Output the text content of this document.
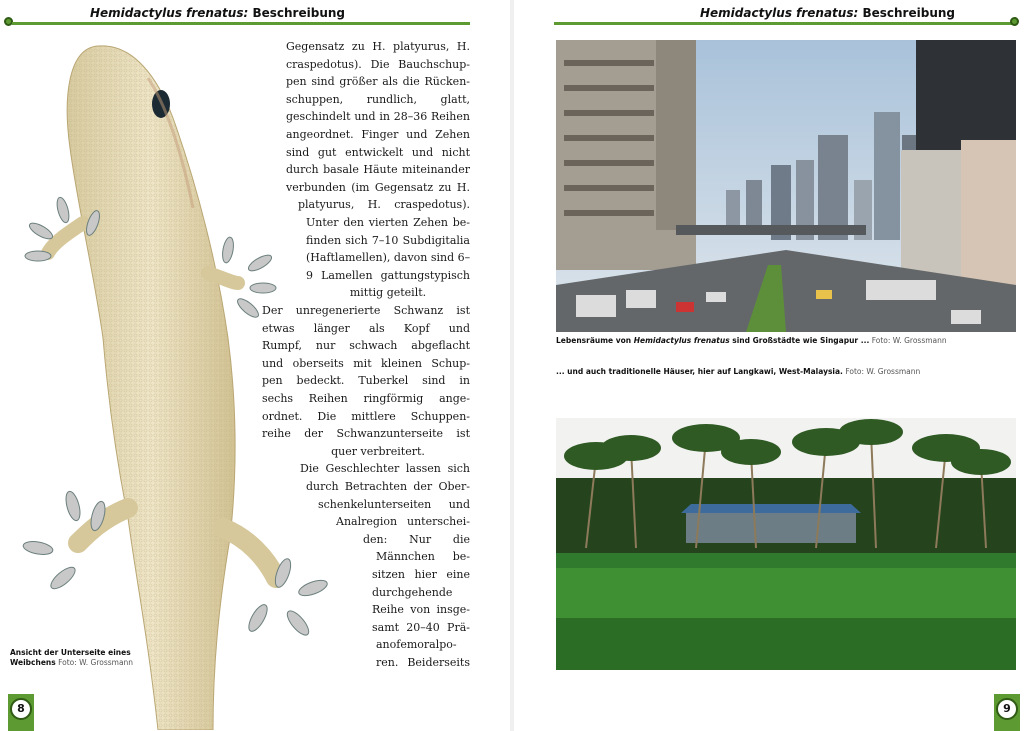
Hemidactylus frenatus: Beschreibung
Ansicht der Unterseite eines
Weibchens Foto: W. Grossmann
Gegensatz zu H. platyurus, H.
craspedotus). Die Bauchschup-
pen sind größer als die Rücken-
schuppen, rundlich, glatt,
geschindelt und in 28–36 Reihen
angeordnet. Finger und Zehen
sind gut entwickelt und nicht
durch basale Häute miteinander
verbunden (im Gegensatz zu H.
platyurus, H. craspedotus).
Unter den vierten Zehen be-
finden sich 7–10 Subdigitalia
(Haftlamellen), davon sind 6–
9 Lamellen gattungstypisch
mittig geteilt.
Der unregenerierte Schwanz ist
etwas länger als Kopf und
Rumpf, nur schwach abgeflacht
und oberseits mit kleinen Schup-
pen bedeckt. Tuberkel sind in
sechs Reihen ringförmig ange-
ordnet. Die mittlere Schuppen-
reihe der Schwanzunterseite ist
quer verbreitert.
Die Geschlechter lassen sich
durch Betrachten der Ober-
schenkelunterseiten und
Analregion unterschei-
den: Nur die
Männchen be-
sitzen hier eine
durchgehende
Reihe von insge-
samt 20–40 Prä-
anofemoralpo-
ren. Beiderseits
8
Hemidactylus frenatus: Beschreibung
Lebensräume von Hemidactylus frenatus sind Großstädte wie Singapur ... Foto: W. Grossmann
... und auch traditionelle Häuser, hier auf Langkawi, West-Malaysia. Foto: W. Grossmann
9
